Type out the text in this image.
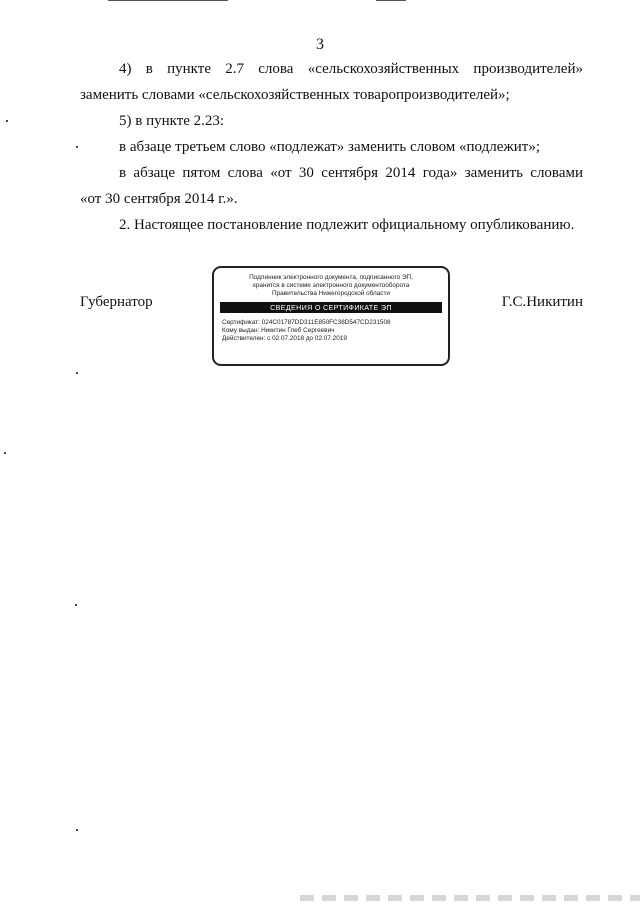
3

4) в пункте 2.7 слова «сельскохозяйственных производителей»

заменить словами «сельскохозяйственных товаропроизводителей»;

5) в пункте 2.23:

в абзаце третьем слово «подлежат» заменить словом «подлежит»;

в абзаце пятом слова «от 30 сентября 2014 года» заменить словами

«от 30 сентября 2014 г.».

2. Настоящее постановление подлежит официальному опубликованию.

Губернатор
Подлинник электронного документа, подписанного ЭП,
хранится в системе электронного документооборота
Правительства Нижегородской области
СВЕДЕНИЯ О СЕРТИФИКАТЕ ЭП
Сертификат: 024C01787DD311E850FC38D547CD231508
Кому выдан: Никитин Глеб Сергеевич
Действителен: с 02.07.2018 до 02.07.2019
Г.С.Никитин
